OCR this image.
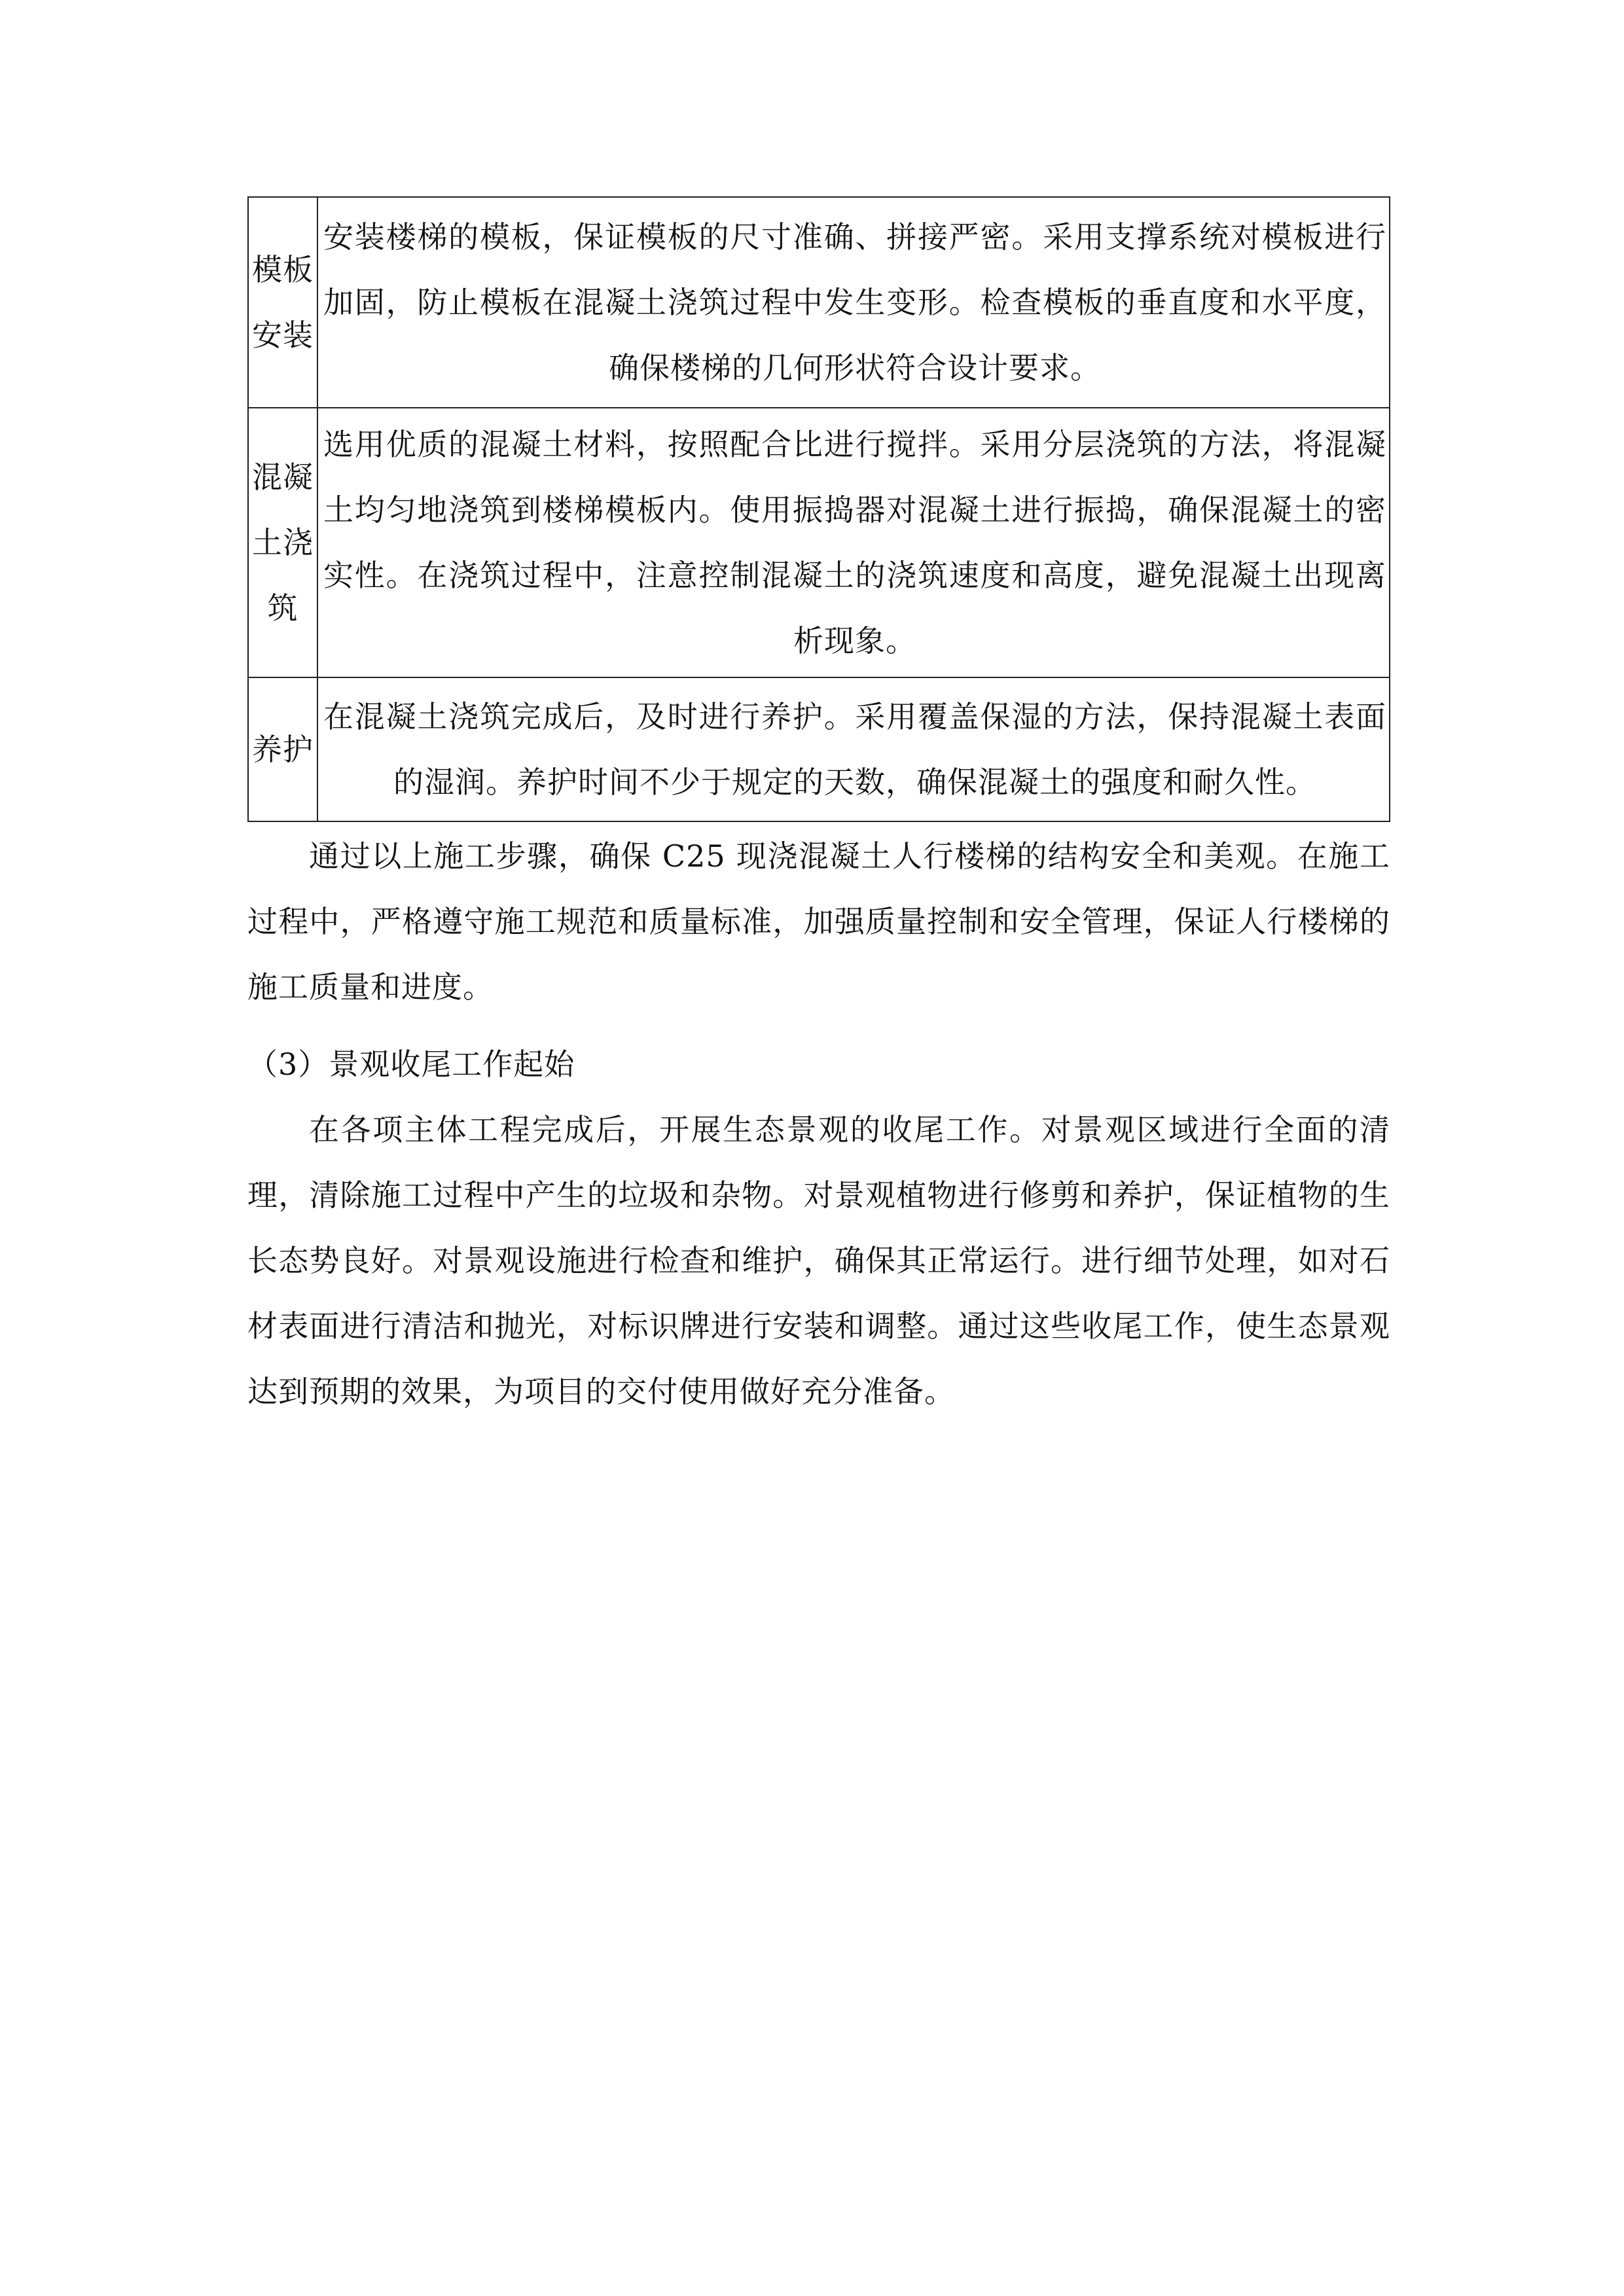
模板安装	安装楼梯的模板，保证模板的尺寸准确、拼接严密。采用支撑系统对模板进行加固，防止模板在混凝土浇筑过程中发生变形。检查模板的垂直度和水平度，确保楼梯的几何形状符合设计要求。
混凝土浇筑	选用优质的混凝土材料，按照配合比进行搅拌。采用分层浇筑的方法，将混凝土均匀地浇筑到楼梯模板内。使用振捣器对混凝土进行振捣，确保混凝土的密实性。在浇筑过程中，注意控制混凝土的浇筑速度和高度，避免混凝土出现离析现象。
养护	在混凝土浇筑完成后，及时进行养护。采用覆盖保湿的方法，保持混凝土表面的湿润。养护时间不少于规定的天数，确保混凝土的强度和耐久性。

通过以上施工步骤，确保 C25 现浇混凝土人行楼梯的结构安全和美观。在施工过程中，严格遵守施工规范和质量标准，加强质量控制和安全管理，保证人行楼梯的施工质量和进度。

（3）景观收尾工作起始

在各项主体工程完成后，开展生态景观的收尾工作。对景观区域进行全面的清理，清除施工过程中产生的垃圾和杂物。对景观植物进行修剪和养护，保证植物的生长态势良好。对景观设施进行检查和维护，确保其正常运行。进行细节处理，如对石材表面进行清洁和抛光，对标识牌进行安装和调整。通过这些收尾工作，使生态景观达到预期的效果，为项目的交付使用做好充分准备。
